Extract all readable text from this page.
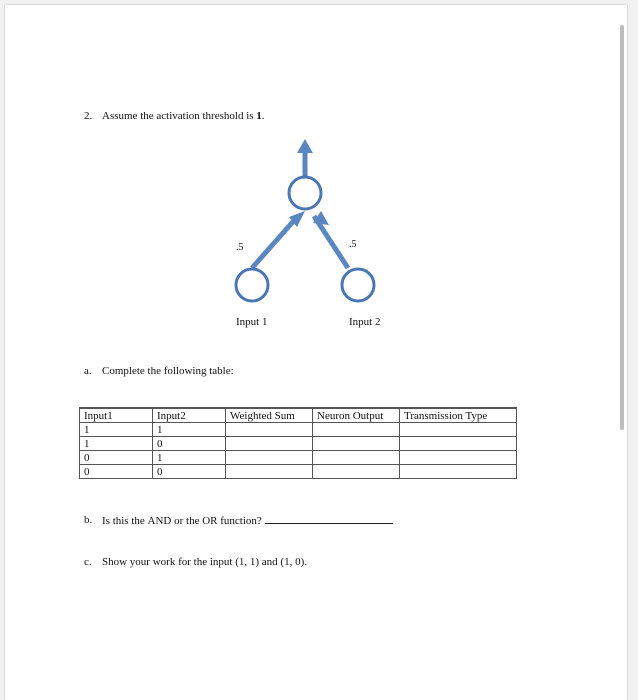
2. Assume the activation threshold is 1.
.5	.5
Input 1	Input 2
a. Complete the following table:
Input1	Input2	Weighted Sum	Neuron Output	Transmission Type
1	1			
1	0			
0	1			
0	0			
b. Is this the AND or the OR function?
c. Show your work for the input (1, 1) and (1, 0).
